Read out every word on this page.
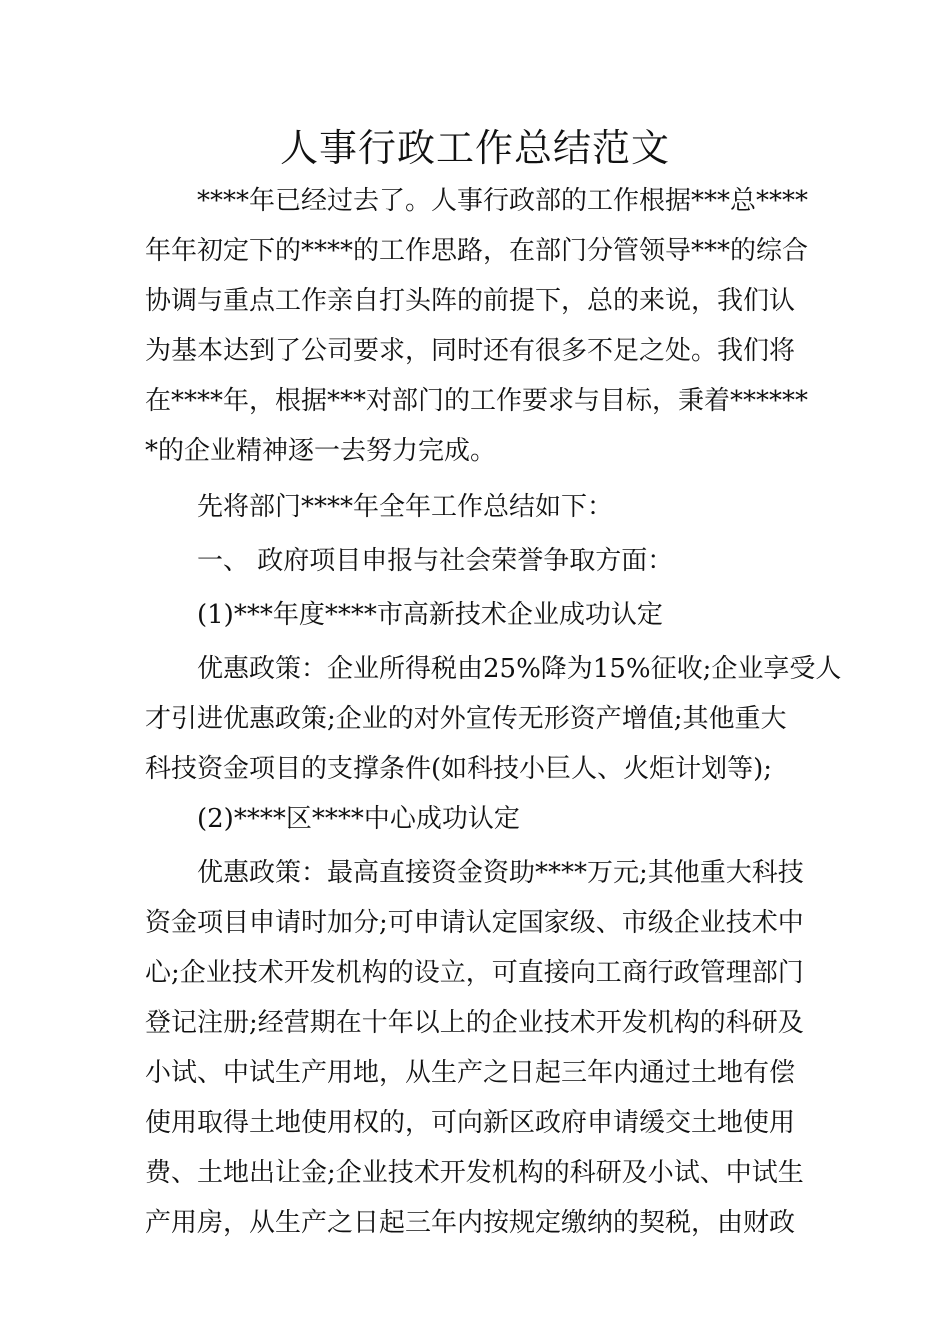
人事行政工作总结范文

****年已经过去了。人事行政部的工作根据***总****
年年初定下的****的工作思路，在部门分管领导***的综合
协调与重点工作亲自打头阵的前提下，总的来说，我们认
为基本达到了公司要求，同时还有很多不足之处。我们将
在****年，根据***对部门的工作要求与目标，秉着******
*的企业精神逐一去努力完成。

先将部门****年全年工作总结如下：

一、 政府项目申报与社会荣誉争取方面：

(1)***年度****市高新技术企业成功认定

优惠政策：企业所得税由25%降为15%征收;企业享受人
才引进优惠政策;企业的对外宣传无形资产增值;其他重大
科技资金项目的支撑条件(如科技小巨人、火炬计划等);

(2)****区****中心成功认定

优惠政策：最高直接资金资助****万元;其他重大科技
资金项目申请时加分;可申请认定国家级、市级企业技术中
心;企业技术开发机构的设立，可直接向工商行政管理部门
登记注册;经营期在十年以上的企业技术开发机构的科研及
小试、中试生产用地，从生产之日起三年内通过土地有偿
使用取得土地使用权的，可向新区政府申请缓交土地使用
费、土地出让金;企业技术开发机构的科研及小试、中试生
产用房，从生产之日起三年内按规定缴纳的契税，由财政
